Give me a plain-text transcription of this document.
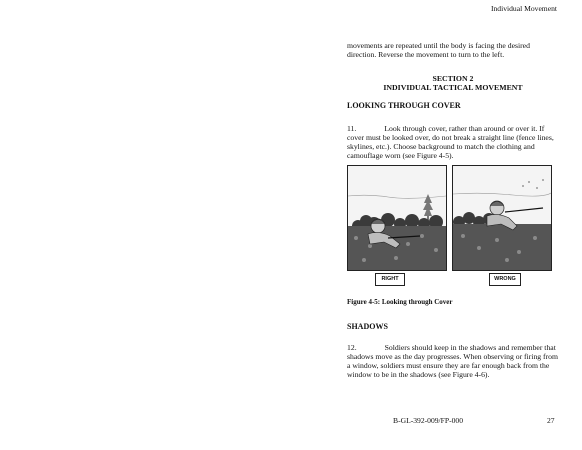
Individual Movement
movements are repeated until the body is facing the desired direction. Reverse the movement to turn to the left.
SECTION 2
INDIVIDUAL TACTICAL MOVEMENT
LOOKING THROUGH COVER
11.	Look through cover, rather than around or over it. If cover must be looked over, do not break a straight line (fence lines, skylines, etc.). Choose background to match the clothing and camouflage worn (see Figure 4-5).
RIGHT	WRONG
Figure 4-5: Looking through Cover
SHADOWS
12.	Soldiers should keep in the shadows and remember that shadows move as the day progresses. When observing or firing from a window, soldiers must ensure they are far enough back from the window to be in the shadows (see Figure 4-6).
B-GL-392-009/FP-000	27
